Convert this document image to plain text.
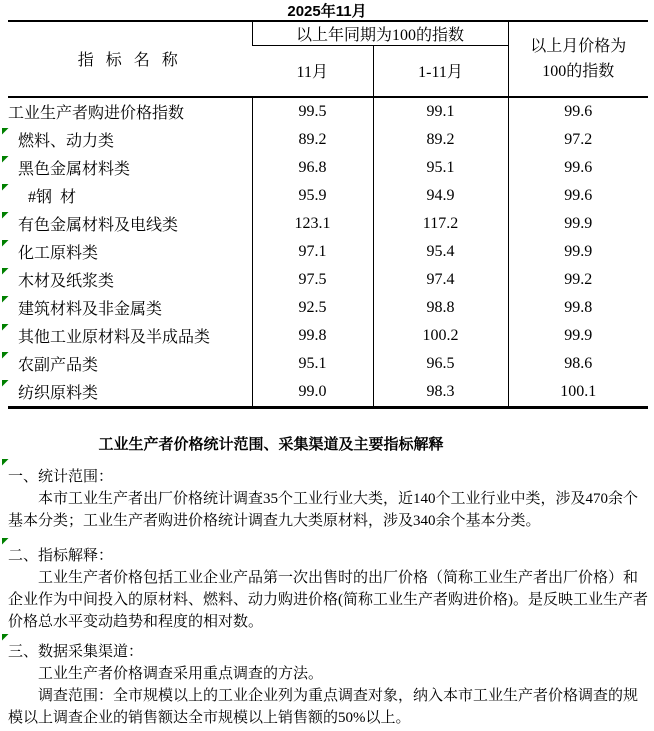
2025年11月
指 标 名 称	以上年同期为100的指数		以上月价格为
100的指数
	11月	1-11月	
工业生产者购进价格指数	99.5	99.1	99.6

燃料、动力类	89.2	89.2	97.2

黑色金属材料类	96.8	95.1	99.6

#钢  材	95.9	94.9	99.6

有色金属材料及电线类	123.1	117.2	99.9

化工原料类	97.1	95.4	99.9

木材及纸浆类	97.5	97.4	99.2

建筑材料及非金属类	92.5	98.8	99.8

其他工业原材料及半成品类	99.8	100.2	99.9

农副产品类	95.1	96.5	98.6

纺织原料类	99.0	98.3	100.1
工业生产者价格统计范围、采集渠道及主要指标解释
一、统计范围：

本市工业生产者出厂价格统计调查35个工业行业大类，近140个工业行业中类，涉及470余个基本分类；工业生产者购进价格统计调查九大类原材料，涉及340余个基本分类。

二、指标解释：

工业生产者价格包括工业企业产品第一次出售时的出厂价格（简称工业生产者出厂价格）和企业作为中间投入的原材料、燃料、动力购进价格(简称工业生产者购进价格)。是反映工业生产者价格总水平变动趋势和程度的相对数。

三、数据采集渠道：

工业生产者价格调查采用重点调查的方法。

调查范围：全市规模以上的工业企业列为重点调查对象，纳入本市工业生产者价格调查的规模以上调查企业的销售额达全市规模以上销售额的50%以上。
